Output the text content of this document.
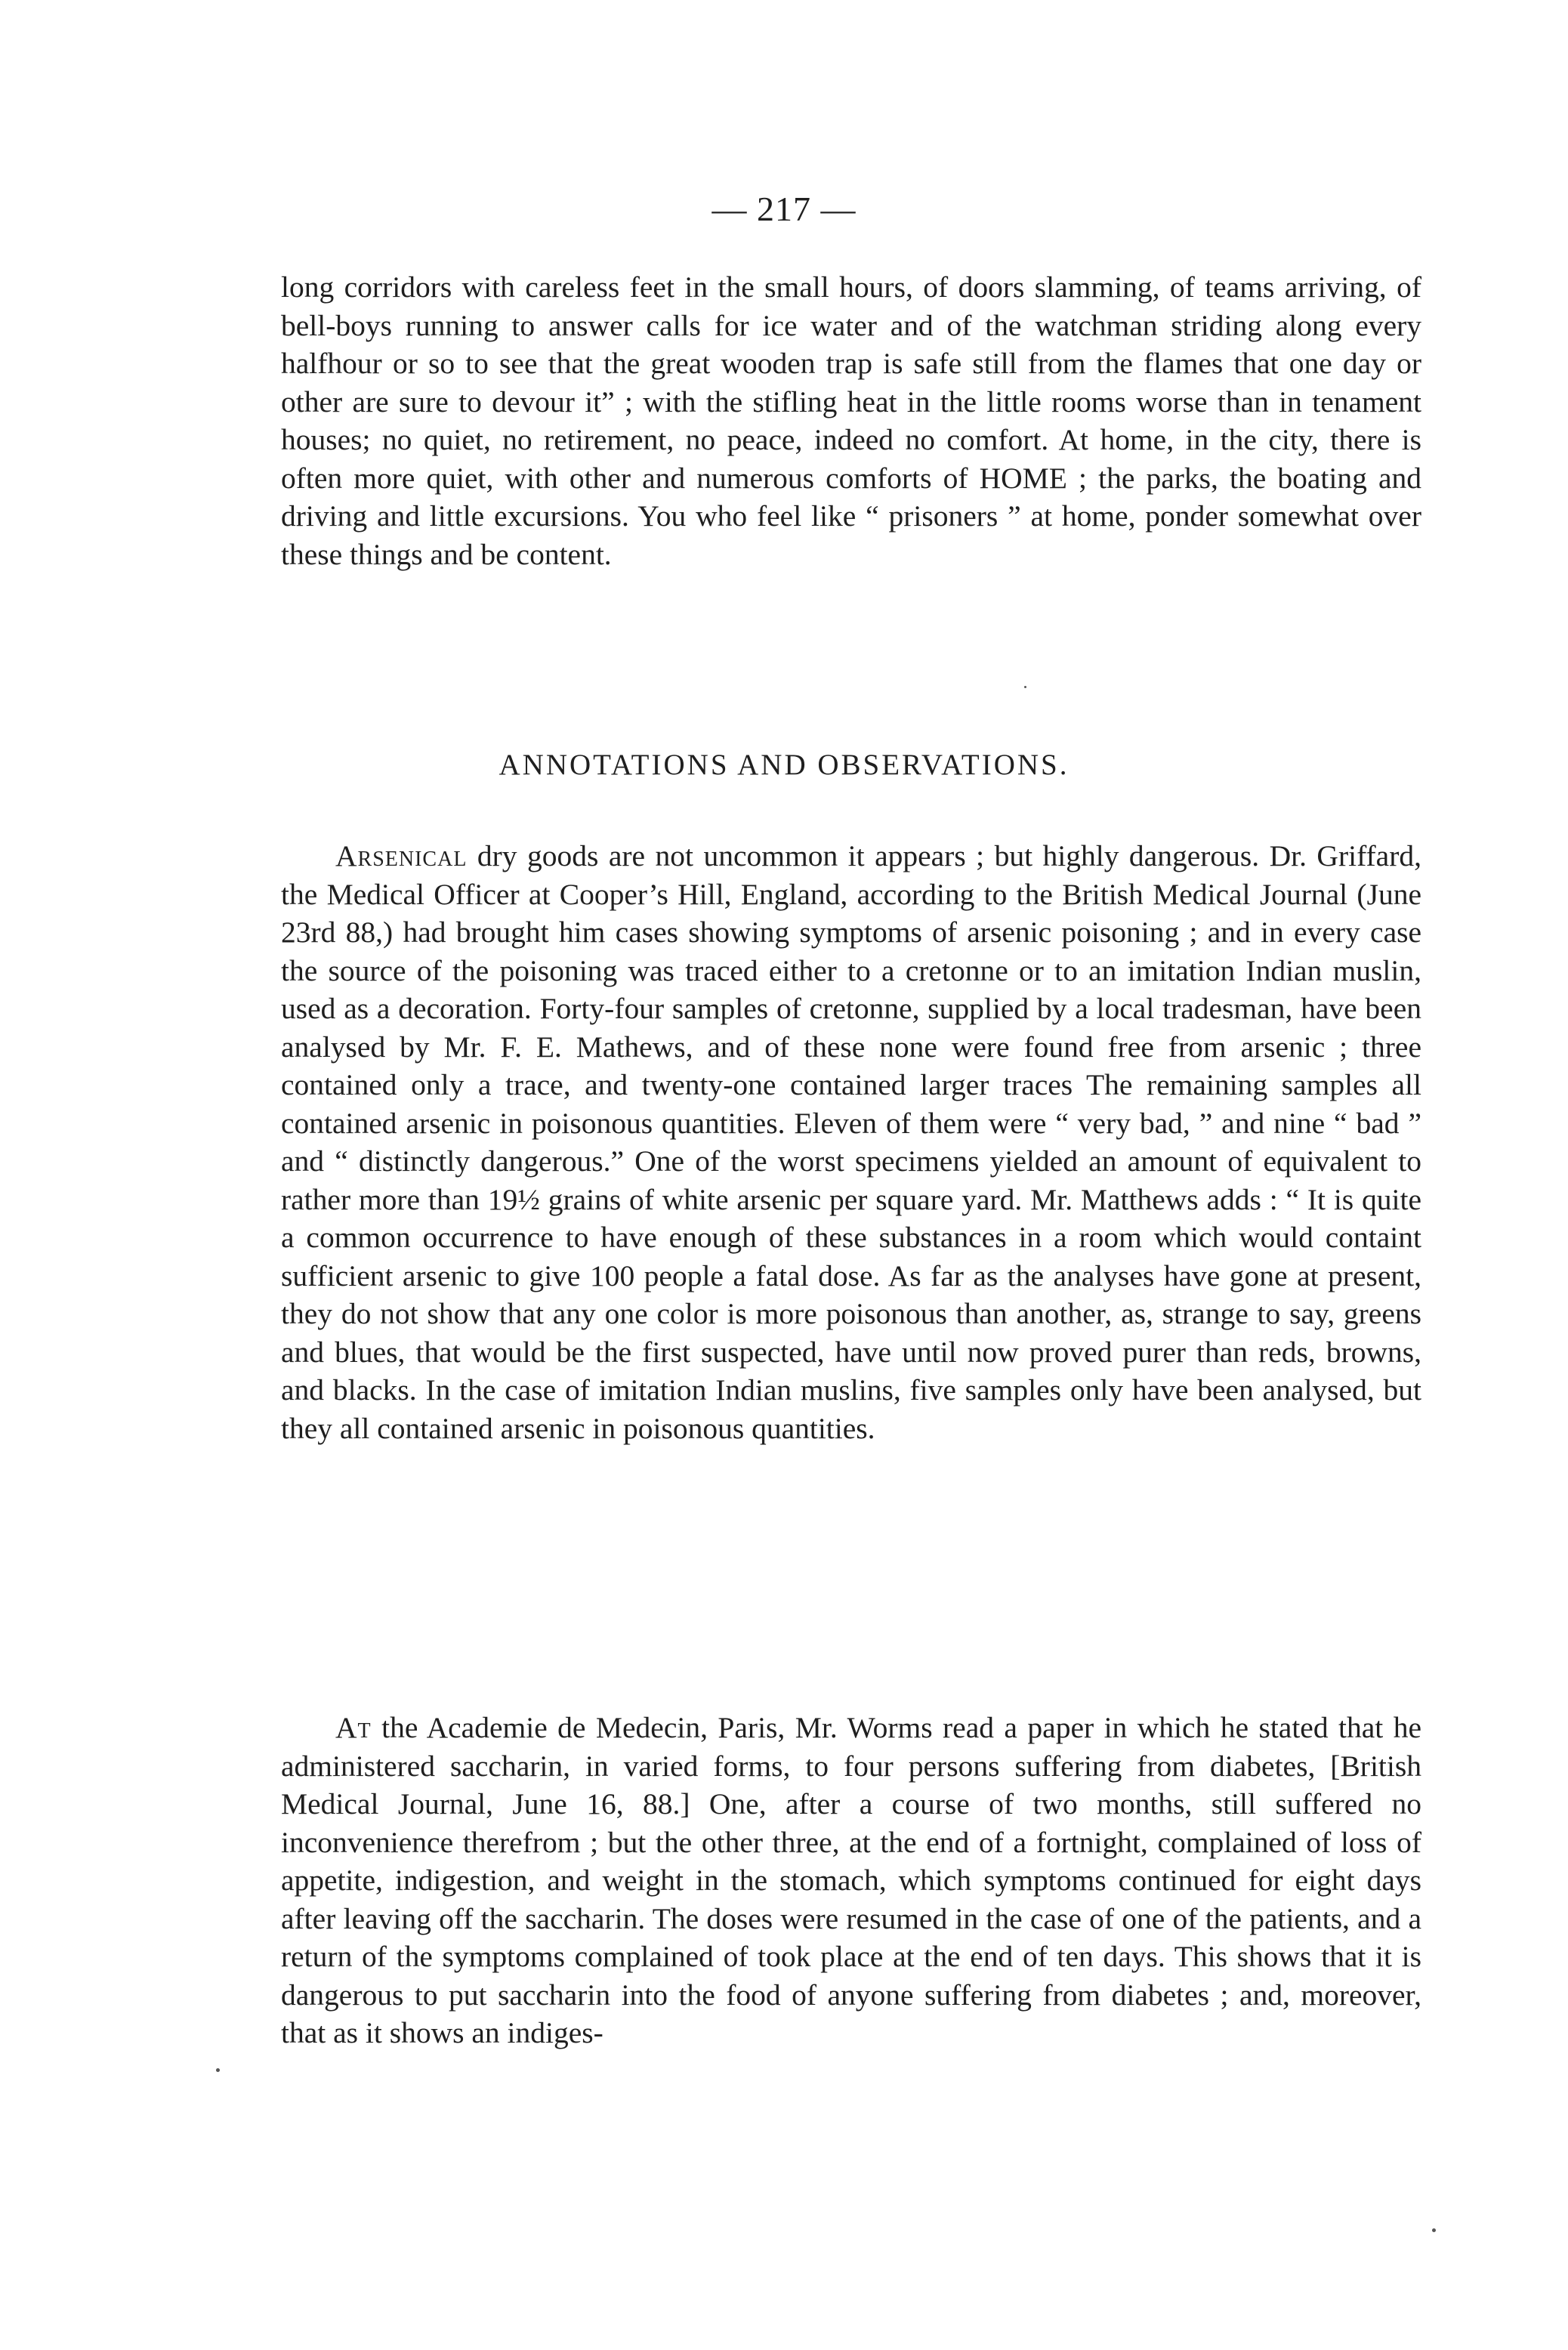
— 217 —

long corridors with careless feet in the small hours, of doors slamming, of teams arriving, of bell-boys running to answer calls for ice water and of the watchman striding along every halfhour or so to see that the great wooden trap is safe still from the flames that one day or other are sure to devour it” ; with the stifling heat in the little rooms worse than in tenament houses; no quiet, no retirement, no peace, indeed no comfort. At home, in the city, there is often more quiet, with other and numerous comforts of HOME ; the parks, the boating and driving and little excursions. You who feel like “ prisoners ” at home, ponder somewhat over these things and be content.

ANNOTATIONS AND OBSERVATIONS.

Arsenical dry goods are not uncommon it appears ; but highly dangerous. Dr. Griffard, the Medical Officer at Cooper’s Hill, England, according to the British Medical Journal (June 23rd 88,) had brought him cases showing symptoms of arsenic poisoning ; and in every case the source of the poisoning was traced either to a cretonne or to an imitation Indian muslin, used as a decoration. Forty-four samples of cretonne, supplied by a local tradesman, have been analysed by Mr. F. E. Mathews, and of these none were found free from arsenic ; three contained only a trace, and twenty-one contained larger traces The remaining samples all contained arsenic in poisonous quantities. Eleven of them were “ very bad, ” and nine “ bad ” and “ distinctly dangerous.” One of the worst specimens yielded an amount of equivalent to rather more than 19½ grains of white arsenic per square yard. Mr. Matthews adds : “ It is quite a common occurrence to have enough of these substances in a room which would containt sufficient arsenic to give 100 people a fatal dose. As far as the analyses have gone at present, they do not show that any one color is more poisonous than another, as, strange to say, greens and blues, that would be the first suspected, have until now proved purer than reds, browns, and blacks. In the case of imitation Indian muslins, five samples only have been analysed, but they all contained arsenic in poisonous quantities.

At the Academie de Medecin, Paris, Mr. Worms read a paper in which he stated that he administered saccharin, in varied forms, to four persons suffering from diabetes, [British Medical Journal, June 16, 88.] One, after a course of two months, still suffered no inconvenience therefrom ; but the other three, at the end of a fortnight, complained of loss of appetite, indigestion, and weight in the stomach, which symptoms continued for eight days after leaving off the saccharin. The doses were resumed in the case of one of the patients, and a return of the symptoms complained of took place at the end of ten days. This shows that it is dangerous to put saccharin into the food of anyone suffering from diabetes ; and, moreover, that as it shows an indiges-
